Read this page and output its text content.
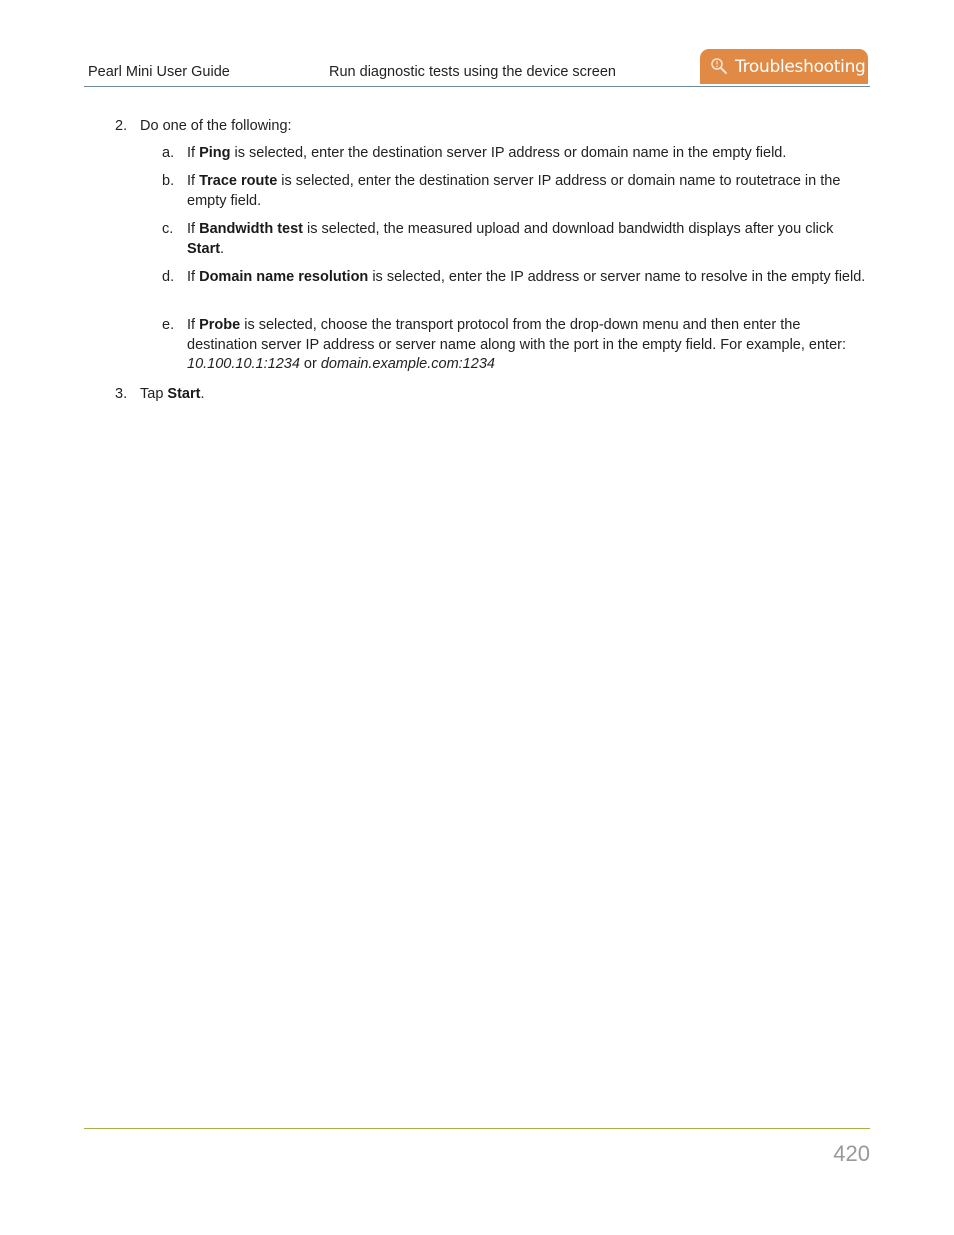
Pearl Mini User Guide	Run diagnostic tests using the device screen	Troubleshooting
2. Do one of the following:
a. If Ping is selected, enter the destination server IP address or domain name in the empty field.
b. If Trace route is selected, enter the destination server IP address or domain name to routetrace in the empty field.
c. If Bandwidth test is selected, the measured upload and download bandwidth displays after you click Start.
d. If Domain name resolution is selected, enter the IP address or server name to resolve in the empty field.
e. If Probe is selected, choose the transport protocol from the drop-down menu and then enter the destination server IP address or server name along with the port in the empty field. For example, enter: 10.100.10.1:1234 or domain.example.com:1234
3. Tap Start.
420
